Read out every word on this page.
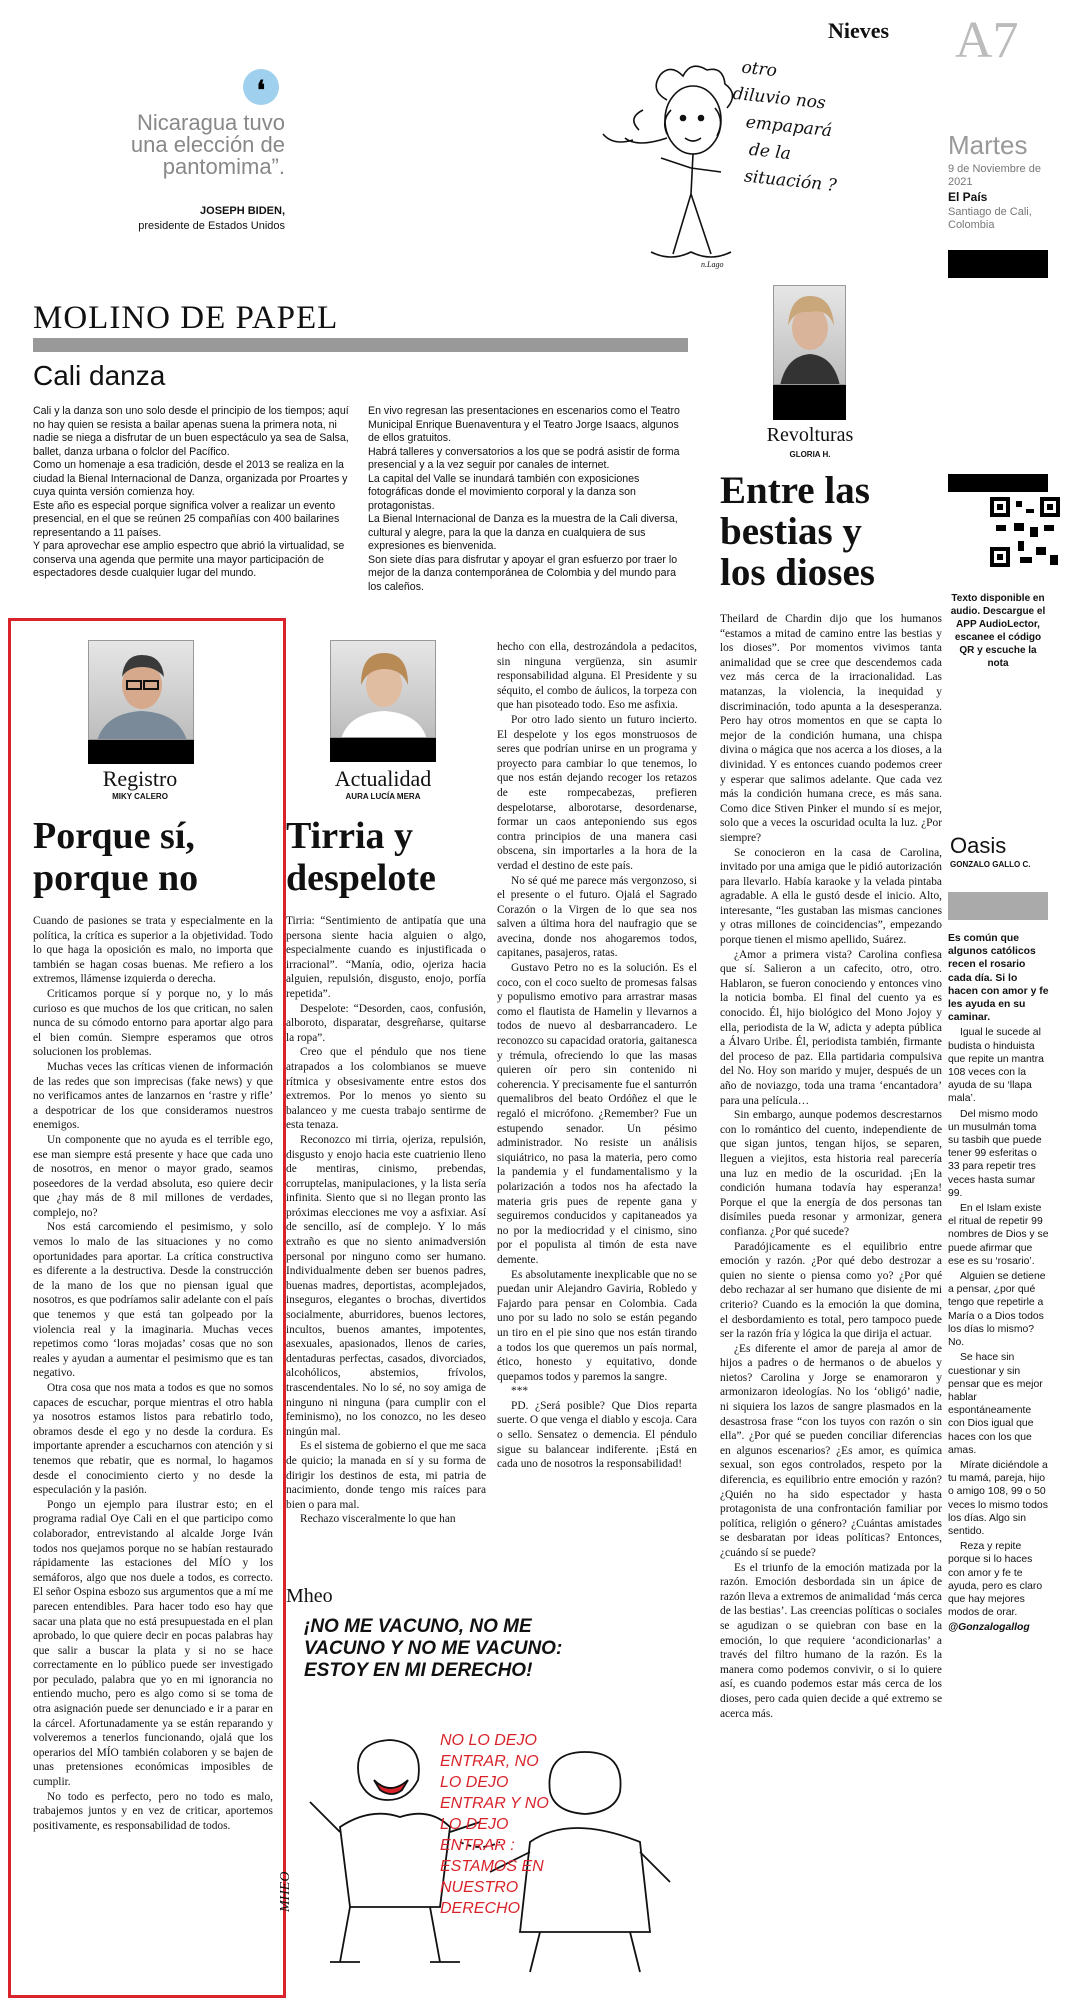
❛
Nicaragua tuvo una elección de pantomima”.
JOSEPH BIDEN,
presidente de Estados Unidos
otro
diluvio nos
empapará
de la
situación ?
n.Lago
Nieves A7
Martes
9 de Noviembre de 2021
El País
Santiago de Cali, Colombia
MOLINO DE PAPEL
Cali danza

Cali y la danza son uno solo desde el principio de los tiempos; aquí no hay quien se resista a bailar apenas suena la primera nota, ni nadie se niega a disfrutar de un buen espectáculo ya sea de Salsa, ballet, danza urbana o folclor del Pacífico.

Como un homenaje a esa tradición, desde el 2013 se realiza en la ciudad la Bienal Internacional de Danza, organizada por Proartes y cuya quinta versión comienza hoy.

Este año es especial porque significa volver a realizar un evento presencial, en el que se reúnen 25 compañías con 400 bailarines representando a 11 países.

Y para aprovechar ese amplio espectro que abrió la virtualidad, se conserva una agenda que permite una mayor participación de espectadores desde cualquier lugar del mundo.

En vivo regresan las presentaciones en escenarios como el Teatro Municipal Enrique Buenaventura y el Teatro Jorge Isaacs, algunos de ellos gratuitos.

Habrá talleres y conversatorios a los que se podrá asistir de forma presencial y a la vez seguir por canales de internet.

La capital del Valle se inundará también con exposiciones fotográficas donde el movimiento corporal y la danza son protagonistas.

La Bienal Internacional de Danza es la muestra de la Cali diversa, cultural y alegre, para la que la danza en cualquiera de sus expresiones es bienvenida.

Son siete días para disfrutar y apoyar el gran esfuerzo por traer lo mejor de la danza contemporánea de Colombia y del mundo para los caleños.

Revolturas
GLORIA H.
Entre las
bestias y
los dioses

Theilard de Chardin dijo que los humanos “estamos a mitad de camino entre las bestias y los dioses”. Por momentos vivimos tanta animalidad que se cree que descendemos cada vez más cerca de la irracionalidad. Las matanzas, la violencia, la inequidad y discriminación, todo apunta a la desesperanza. Pero hay otros momentos en que se capta lo mejor de la condición humana, una chispa divina o mágica que nos acerca a los dioses, a la divinidad. Y es entonces cuando podemos creer y esperar que salimos adelante. Que cada vez más la condición humana crece, es más sana. Como dice Stiven Pinker el mundo sí es mejor, solo que a veces la oscuridad oculta la luz. ¿Por siempre?

Se conocieron en la casa de Carolina, invitado por una amiga que le pidió autorización para llevarlo. Había karaoke y la velada pintaba agradable. A ella le gustó desde el inicio. Alto, interesante, “les gustaban las mismas canciones y otras millones de coincidencias”, empezando porque tienen el mismo apellido, Suárez.

¿Amor a primera vista? Carolina confiesa que sí. Salieron a un cafecito, otro, otro. Hablaron, se fueron conociendo y entonces vino la noticia bomba. El final del cuento ya es conocido. Él, hijo biológico del Mono Jojoy y ella, periodista de la W, adicta y adepta pública a Álvaro Uribe. Él, periodista también, firmante del proceso de paz. Ella partidaria compulsiva del No. Hoy son marido y mujer, después de un año de noviazgo, toda una trama ‘encantadora’ para una película…

Sin embargo, aunque podemos descrestarnos con lo romántico del cuento, independiente de que sigan juntos, tengan hijos, se separen, lleguen a viejitos, esta historia real parecería una luz en medio de la oscuridad. ¡En la condición humana todavía hay esperanza! Porque el que la energía de dos personas tan disímiles pueda resonar y armonizar, genera confianza. ¿Por qué sucede?

Paradójicamente es el equilibrio entre emoción y razón. ¿Por qué debo destrozar a quien no siente o piensa como yo? ¿Por qué debo rechazar al ser humano que disiente de mi criterio? Cuando es la emoción la que domina, el desbordamiento es total, pero tampoco puede ser la razón fría y lógica la que dirija el actuar.

¿Es diferente el amor de pareja al amor de hijos a padres o de hermanos o de abuelos y nietos? Carolina y Jorge se enamoraron y armonizaron ideologías. No los ‘obligó’ nadie, ni siquiera los lazos de sangre plasmados en la desastrosa frase “con los tuyos con razón o sin ella”. ¿Por qué se pueden conciliar diferencias en algunos escenarios? ¿Es amor, es química sexual, son egos controlados, respeto por la diferencia, es equilibrio entre emoción y razón? ¿Quién no ha sido espectador y hasta protagonista de una confrontación familiar por política, religión o género? ¿Cuántas amistades se desbaratan por ideas políticas? Entonces, ¿cuándo sí se puede?

Es el triunfo de la emoción matizada por la razón. Emoción desbordada sin un ápice de razón lleva a extremos de animalidad ‘más cerca de las bestias’. Las creencias políticas o sociales se agudizan o se quiebran con base en la emoción, lo que requiere ‘acondicionarlas’ a través del filtro humano de la razón. Es la manera como podemos convivir, o si lo quiere así, es cuando podemos estar más cerca de los dioses, pero cada quien decide a qué extremo se acerca más.

Registro
MIKY CALERO
Porque sí,
porque no

Cuando de pasiones se trata y especialmente en la política, la crítica es superior a la objetividad. Todo lo que haga la oposición es malo, no importa que también se hagan cosas buenas. Me refiero a los extremos, llámense izquierda o derecha.

Criticamos porque sí y porque no, y lo más curioso es que muchos de los que critican, no salen nunca de su cómodo entorno para aportar algo para el bien común. Siempre esperamos que otros solucionen los problemas.

Muchas veces las críticas vienen de información de las redes que son imprecisas (fake news) y que no verificamos antes de lanzarnos en ‘rastre y rifle’ a despotricar de los que consideramos nuestros enemigos.

Un componente que no ayuda es el terrible ego, ese man siempre está presente y hace que cada uno de nosotros, en menor o mayor grado, seamos poseedores de la verdad absoluta, eso quiere decir que ¿hay más de 8 mil millones de verdades, complejo, no?

Nos está carcomiendo el pesimismo, y solo vemos lo malo de las situaciones y no como oportunidades para aportar. La crítica constructiva es diferente a la destructiva. Desde la construcción de la mano de los que no piensan igual que nosotros, es que podríamos salir adelante con el país que tenemos y que está tan golpeado por la violencia real y la imaginaria. Muchas veces repetimos como ‘loras mojadas’ cosas que no son reales y ayudan a aumentar el pesimismo que es tan negativo.

Otra cosa que nos mata a todos es que no somos capaces de escuchar, porque mientras el otro habla ya nosotros estamos listos para rebatirlo todo, obramos desde el ego y no desde la cordura. Es importante aprender a escucharnos con atención y si tenemos que rebatir, que es normal, lo hagamos desde el conocimiento cierto y no desde la especulación y la pasión.

Pongo un ejemplo para ilustrar esto; en el programa radial Oye Cali en el que participo como colaborador, entrevistando al alcalde Jorge Iván todos nos quejamos porque no se habían restaurado rápidamente las estaciones del MÍO y los semáforos, algo que nos duele a todos, es correcto. El señor Ospina esbozo sus argumentos que a mí me parecen entendibles. Para hacer todo eso hay que sacar una plata que no está presupuestada en el plan aprobado, lo que quiere decir en pocas palabras hay que salir a buscar la plata y si no se hace correctamente en lo público puede ser investigado por peculado, palabra que yo en mi ignorancia no entiendo mucho, pero es algo como si se toma de otra asignación puede ser denunciado e ir a parar en la cárcel. Afortunadamente ya se están reparando y volveremos a tenerlos funcionando, ojalá que los operarios del MÍO también colaboren y se bajen de unas pretensiones económicas imposibles de cumplir.

No todo es perfecto, pero no todo es malo, trabajemos juntos y en vez de criticar, aportemos positivamente, es responsabilidad de todos.

Actualidad
AURA LUCÍA MERA
Tirria y
despelote

Tirria: “Sentimiento de antipatía que una persona siente hacia alguien o algo, especialmente cuando es injustificada o irracional”. “Manía, odio, ojeriza hacia alguien, repulsión, disgusto, enojo, porfía repetida”.

Despelote: “Desorden, caos, confusión, alboroto, disparatar, desgreñarse, quitarse la ropa”.

Creo que el péndulo que nos tiene atrapados a los colombianos se mueve rítmica y obsesivamente entre estos dos extremos. Por lo menos yo siento su balanceo y me cuesta trabajo sentirme de esta tenaza.

Reconozco mi tirria, ojeriza, repulsión, disgusto y enojo hacia este cuatrienio lleno de mentiras, cinismo, prebendas, corruptelas, manipulaciones, y la lista sería infinita. Siento que si no llegan pronto las próximas elecciones me voy a asfixiar. Así de sencillo, así de complejo. Y lo más extraño es que no siento animadversión personal por ninguno como ser humano. Individualmente deben ser buenos padres, buenas madres, deportistas, acomplejados, inseguros, elegantes o brochas, divertidos socialmente, aburridores, buenos lectores, incultos, buenos amantes, impotentes, asexuales, apasionados, llenos de caries, dentaduras perfectas, casados, divorciados, alcohólicos, abstemios, frívolos, trascendentales. No lo sé, no soy amiga de ninguno ni ninguna (para cumplir con el feminismo), no los conozco, no les deseo ningún mal.

Es el sistema de gobierno el que me saca de quicio; la manada en sí y su forma de dirigir los destinos de esta, mi patria de nacimiento, donde tengo mis raíces para bien o para mal.

Rechazo visceralmente lo que han

hecho con ella, destrozándola a pedacitos, sin ninguna vergüenza, sin asumir responsabilidad alguna. El Presidente y su séquito, el combo de áulicos, la torpeza con que han pisoteado todo. Eso me asfixia.

Por otro lado siento un futuro incierto. El despelote y los egos monstruosos de seres que podrían unirse en un programa y proyecto para cambiar lo que tenemos, lo que nos están dejando recoger los retazos de este rompecabezas, prefieren despelotarse, alborotarse, desordenarse, formar un caos anteponiendo sus egos contra principios de una manera casi obscena, sin importarles a la hora de la verdad el destino de este país.

No sé qué me parece más vergonzoso, si el presente o el futuro. Ojalá el Sagrado Corazón o la Virgen de lo que sea nos salven a última hora del naufragio que se avecina, donde nos ahogaremos todos, capitanes, pasajeros, ratas.

Gustavo Petro no es la solución. Es el coco, con el coco suelto de promesas falsas y populismo emotivo para arrastrar masas como el flautista de Hamelin y llevarnos a todos de nuevo al desbarrancadero. Le reconozco su capacidad oratoria, gaitanesca y trémula, ofreciendo lo que las masas quieren oír pero sin contenido ni coherencia. Y precisamente fue el santurrón quemalibros del beato Ordóñez el que le regaló el micrófono. ¿Remember? Fue un estupendo senador. Un pésimo administrador. No resiste un análisis siquiátrico, no pasa la materia, pero como la pandemia y el fundamentalismo y la polarización a todos nos ha afectado la materia gris pues de repente gana y seguiremos conducidos y capitaneados ya no por la mediocridad y el cinismo, sino por el populista al timón de esta nave demente.

Es absolutamente inexplicable que no se puedan unir Alejandro Gaviria, Robledo y Fajardo para pensar en Colombia. Cada uno por su lado no solo se están pegando un tiro en el pie sino que nos están tirando a todos los que queremos un país normal, ético, honesto y equitativo, donde quepamos todos y paremos la sangre.

***

PD. ¿Será posible? Que Dios reparta suerte. O que venga el diablo y escoja. Cara o sello. Sensatez o demencia. El péndulo sigue su balancear indiferente. ¡Está en cada uno de nosotros la responsabilidad!

Mheo
¡NO ME VACUNO, NO ME VACUNO Y NO ME VACUNO: ESTOY EN MI DERECHO!
NO LO DEJO ENTRAR, NO LO DEJO ENTRAR Y NO LO DEJO ENTRAR : ESTAMOS EN NUESTRO DERECHO
MHEO
Texto disponible en audio. Descargue el APP AudioLector, escanee el código QR y escuche la nota
Oasis
GONZALO GALLO C.

Es común que algunos católicos recen el rosario cada día. Si lo hacen con amor y fe les ayuda en su caminar.

Igual le sucede al budista o hinduista que repite un mantra 108 veces con la ayuda de su ‘llapa mala’.

Del mismo modo un musulmán toma su tasbih que puede tener 99 esferitas o 33 para repetir tres veces hasta sumar 99.

En el Islam existe el ritual de repetir 99 nombres de Dios y se puede afirmar que ese es su ‘rosario’.

Alguien se detiene a pensar, ¿por qué tengo que repetirle a María o a Dios todos los días lo mismo? No.

Se hace sin cuestionar y sin pensar que es mejor hablar espontáneamente con Dios igual que haces con los que amas.

Mírate diciéndole a tu mamá, pareja, hijo o amigo 108, 99 o 50 veces lo mismo todos los días. Algo sin sentido.

Reza y repite porque si lo haces con amor y fe te ayuda, pero es claro que hay mejores modos de orar.

@Gonzalogallog
